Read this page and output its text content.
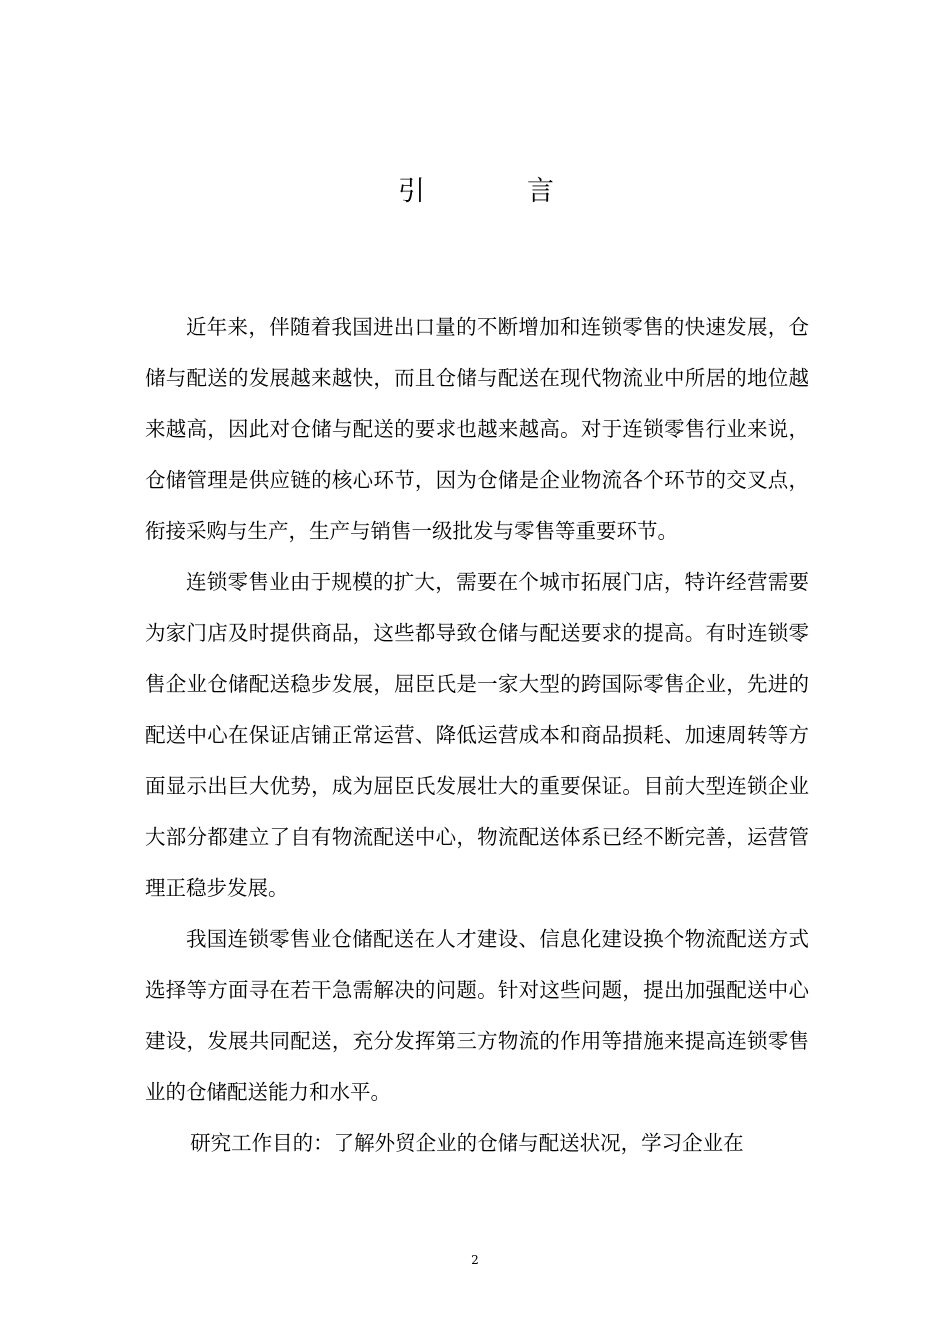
引	言

近年来，伴随着我国进出口量的不断增加和连锁零售的快速发展，仓储与配送的发展越来越快，而且仓储与配送在现代物流业中所居的地位越来越高，因此对仓储与配送的要求也越来越高。对于连锁零售行业来说，仓储管理是供应链的核心环节，因为仓储是企业物流各个环节的交叉点，衔接采购与生产，生产与销售一级批发与零售等重要环节。

连锁零售业由于规模的扩大，需要在个城市拓展门店，特许经营需要为家门店及时提供商品，这些都导致仓储与配送要求的提高。有时连锁零售企业仓储配送稳步发展，屈臣氏是一家大型的跨国际零售企业，先进的配送中心在保证店铺正常运营、降低运营成本和商品损耗、加速周转等方面显示出巨大优势，成为屈臣氏发展壮大的重要保证。目前大型连锁企业大部分都建立了自有物流配送中心，物流配送体系已经不断完善，运营管理正稳步发展。

我国连锁零售业仓储配送在人才建设、信息化建设换个物流配送方式选择等方面寻在若干急需解决的问题。针对这些问题，提出加强配送中心建设，发展共同配送，充分发挥第三方物流的作用等措施来提高连锁零售业的仓储配送能力和水平。

研究工作目的：了解外贸企业的仓储与配送状况，学习企业在

2
